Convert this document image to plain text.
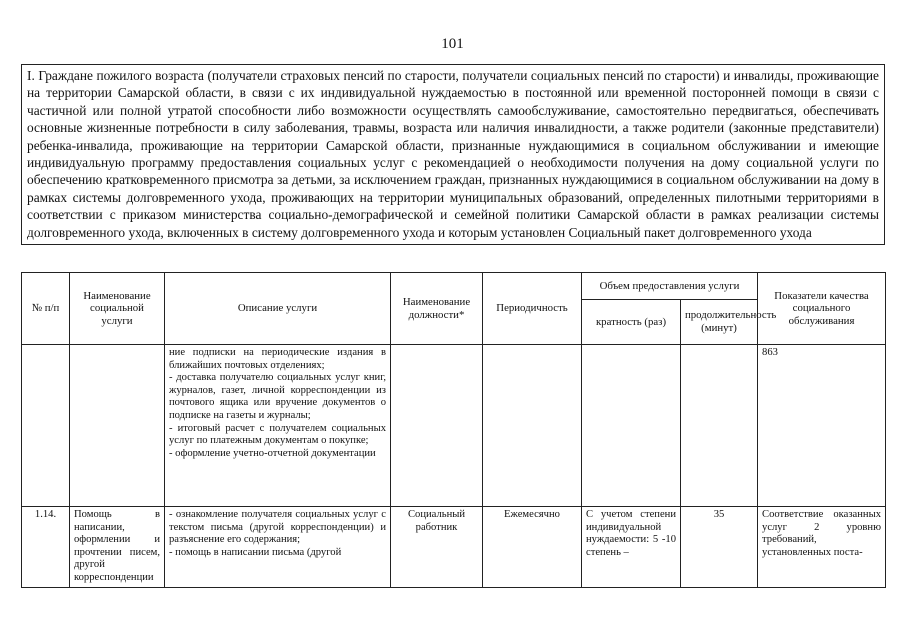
101
I. Граждане пожилого возраста (получатели страховых пенсий по старости, получатели социальных пенсий по старости) и инвалиды, проживающие на территории Самарской области, в связи с их индивидуальной нуждаемостью в постоянной или временной посторонней помощи в связи с частичной или полной утратой способности либо возможности осуществлять самообслуживание, самостоятельно передвигаться, обеспечивать основные жизненные потребности в силу заболевания, травмы, возраста или наличия инвалидности, а также родители (законные представители) ребенка-инвалида, проживающие на территории Самарской области, признанные нуждающимися в социальном обслуживании и имеющие индивидуальную программу предоставления социальных услуг с рекомендацией о необходимости получения на дому социальной услуги по обеспечению кратковременного присмотра за детьми, за исключением граждан, признанных нуждающимися в социальном обслуживании на дому в рамках системы долговременного ухода, проживающих на территории муниципальных образований, определенных пилотными территориями в соответствии с приказом министерства социально-демографической и семейной политики Самарской области в рамках реализации системы долговременного ухода, включенных в систему долговременного ухода и которым установлен Социальный пакет долговременного ухода
№ п/п	Наименование социальной услуги	Описание услуги	Наименование должности*	Периодичность	Объем предоставления услуги		Показатели качества социального обслуживания
					кратность (раз)	продолжительность (минут)	

		ние подписки на периодические издания в ближайших почтовых отделениях;
- доставка получателю социальных услуг книг, журналов, газет, личной корреспонденции из почтового ящика или вручение документов о подписке на газеты и журналы;
- итоговый расчет с получателем социальных услуг по платежным документам о покупке;
- оформление учетно-отчетной документации					863
1.14.	Помощь в написании, оформлении и прочтении писем, другой корреспонденции	- ознакомление получателя социальных услуг с текстом письма (другой корреспонденции) и разъяснение его содержания;
- помощь в написании письма (другой	Социальный работник	Ежемесячно	С учетом степени индивидуальной нуждаемости: 5 -10 степень –	35	Соответствие оказанных услуг 2 уровню требований, установленных поста-
